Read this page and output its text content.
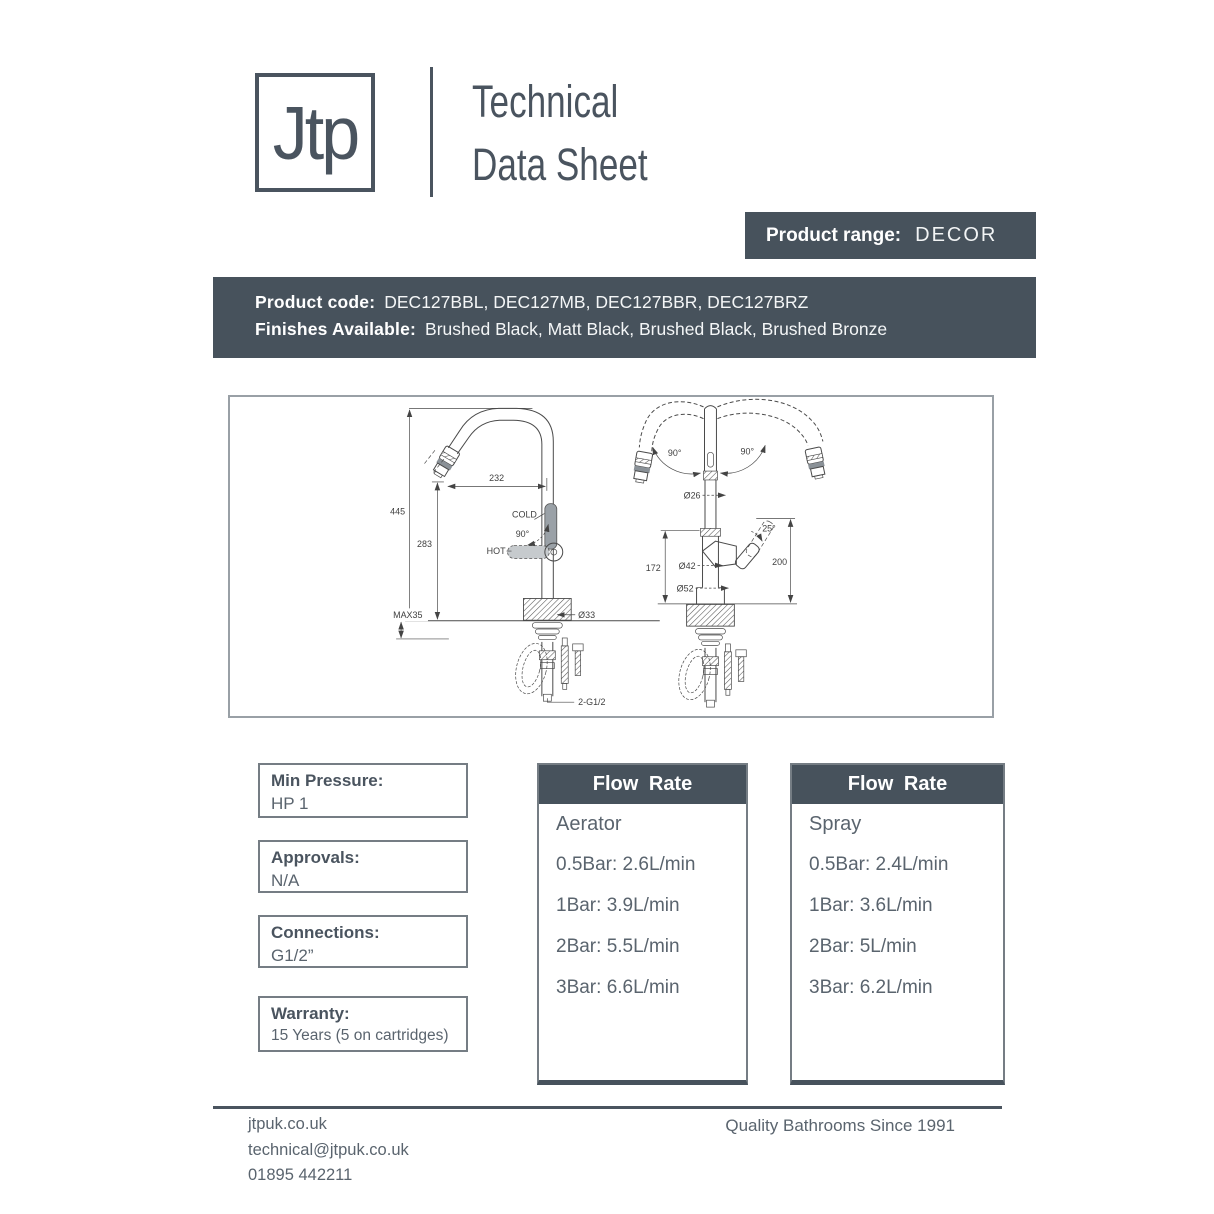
Jtp	Technical
Data Sheet
Product range: DECOR
Product code: DEC127BBL, DEC127MB, DEC127BBR, DEC127BRZ
Finishes Available: Brushed Black, Matt Black, Brushed Black, Brushed Bronze
445
283
232
COLD
90°
HOT
MAX35	Ø33
2-G1/2
90°	90°
Ø26
25°
172
200
Ø42
Ø52
Min Pressure:
HP 1
Approvals:
N/A
Connections:
G1/2”
Warranty:
15 Years (5 on cartridges)
Flow Rate
Aerator
0.5Bar: 2.6L/min
1Bar: 3.9L/min
2Bar: 5.5L/min
3Bar: 6.6L/min
Flow Rate
Spray
0.5Bar: 2.4L/min
1Bar: 3.6L/min
2Bar: 5L/min
3Bar: 6.2L/min
jtpuk.co.uk
technical@jtpuk.co.uk
01895 442211
Quality Bathrooms Since 1991
